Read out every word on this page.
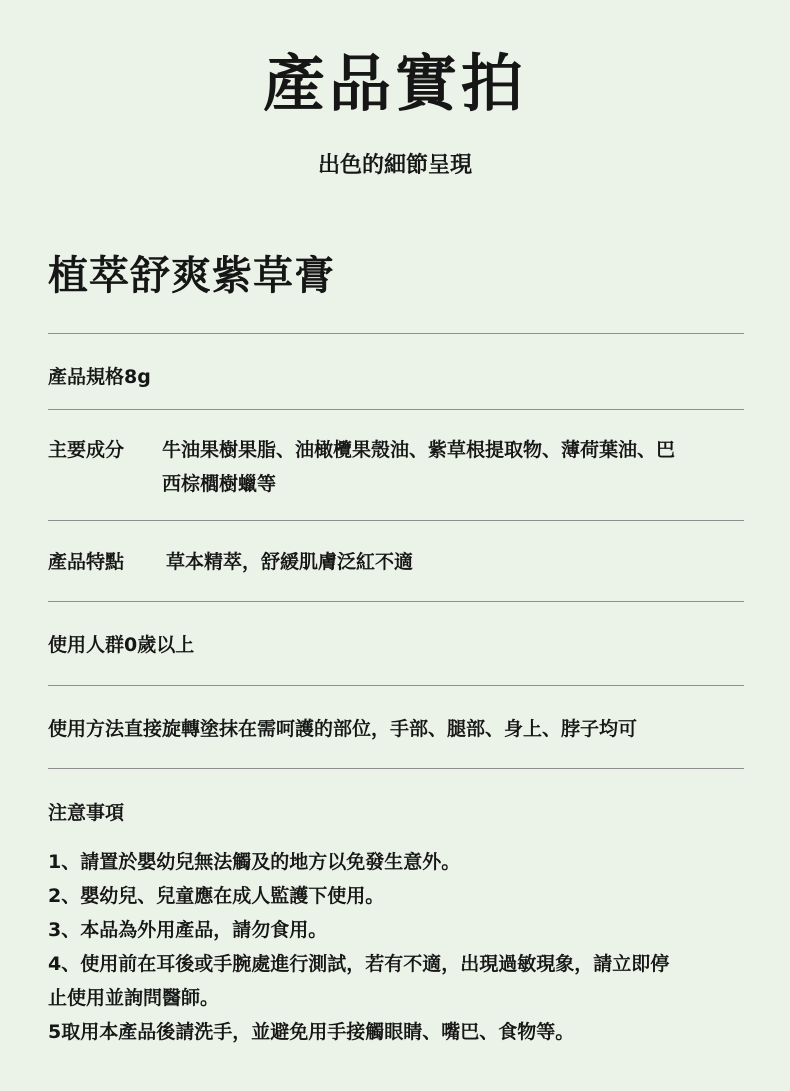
產品實拍
出色的細節呈現
植萃舒爽紫草膏
產品規格8g
主要成分	牛油果樹果脂、油橄欖果殼油、紫草根提取物、薄荷葉油、巴西棕櫚樹蠟等
產品特點 草本精萃，舒緩肌膚泛紅不適
使用人群0歲以上
使用方法直接旋轉塗抹在需呵護的部位，手部、腿部、身上、脖子均可
注意事項
1、請置於嬰幼兒無法觸及的地方以免發生意外。
2、嬰幼兒、兒童應在成人監護下使用。
3、本品為外用產品，請勿食用。
4、使用前在耳後或手腕處進行測試，若有不適，出現過敏現象，請立即停止使用並詢問醫師。
5取用本產品後請洗手，並避免用手接觸眼睛、嘴巴、食物等。
